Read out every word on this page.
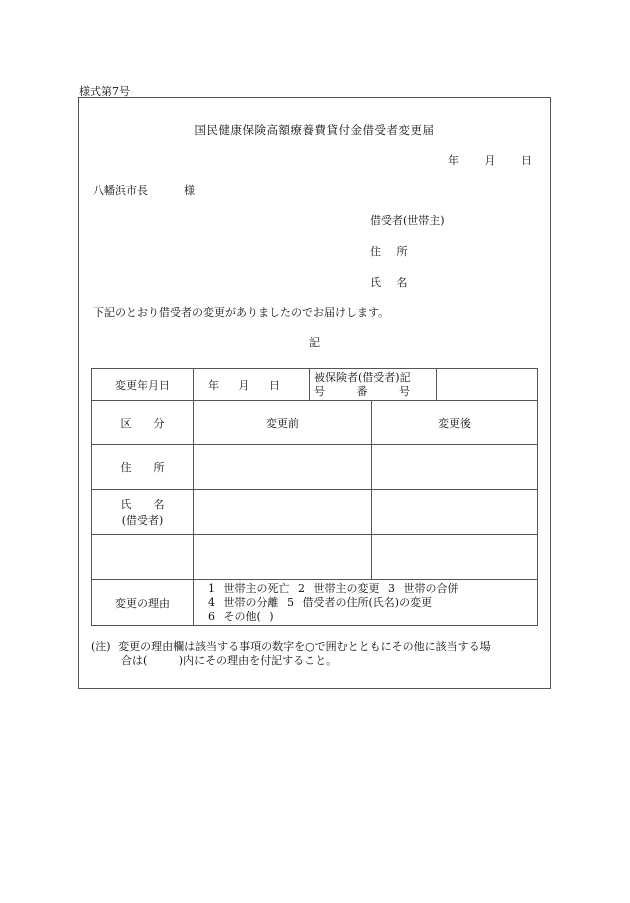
様式第7号
国民健康保険高額療養費貸付金借受者変更届
年 月 日
八幡浜市長	様
借受者(世帯主)
住 所
氏 名
下記のとおり借受者の変更がありましたのでお届けします。
記
変更年月日	年 月 日	被保険者(借受者)記
号 番 号		

区分	変更前		変更後	
住所				

氏名
(借受者)				

変更の理由	1 世帯主の死亡 2 世帯主の変更 3 世帯の合併
4 世帯の分離 5 借受者の住所(氏名)の変更
6 その他( )			
(注) 変更の理由欄は該当する事項の数字を○で囲むとともにその他に該当する場
合は( )内にその理由を付記すること。
